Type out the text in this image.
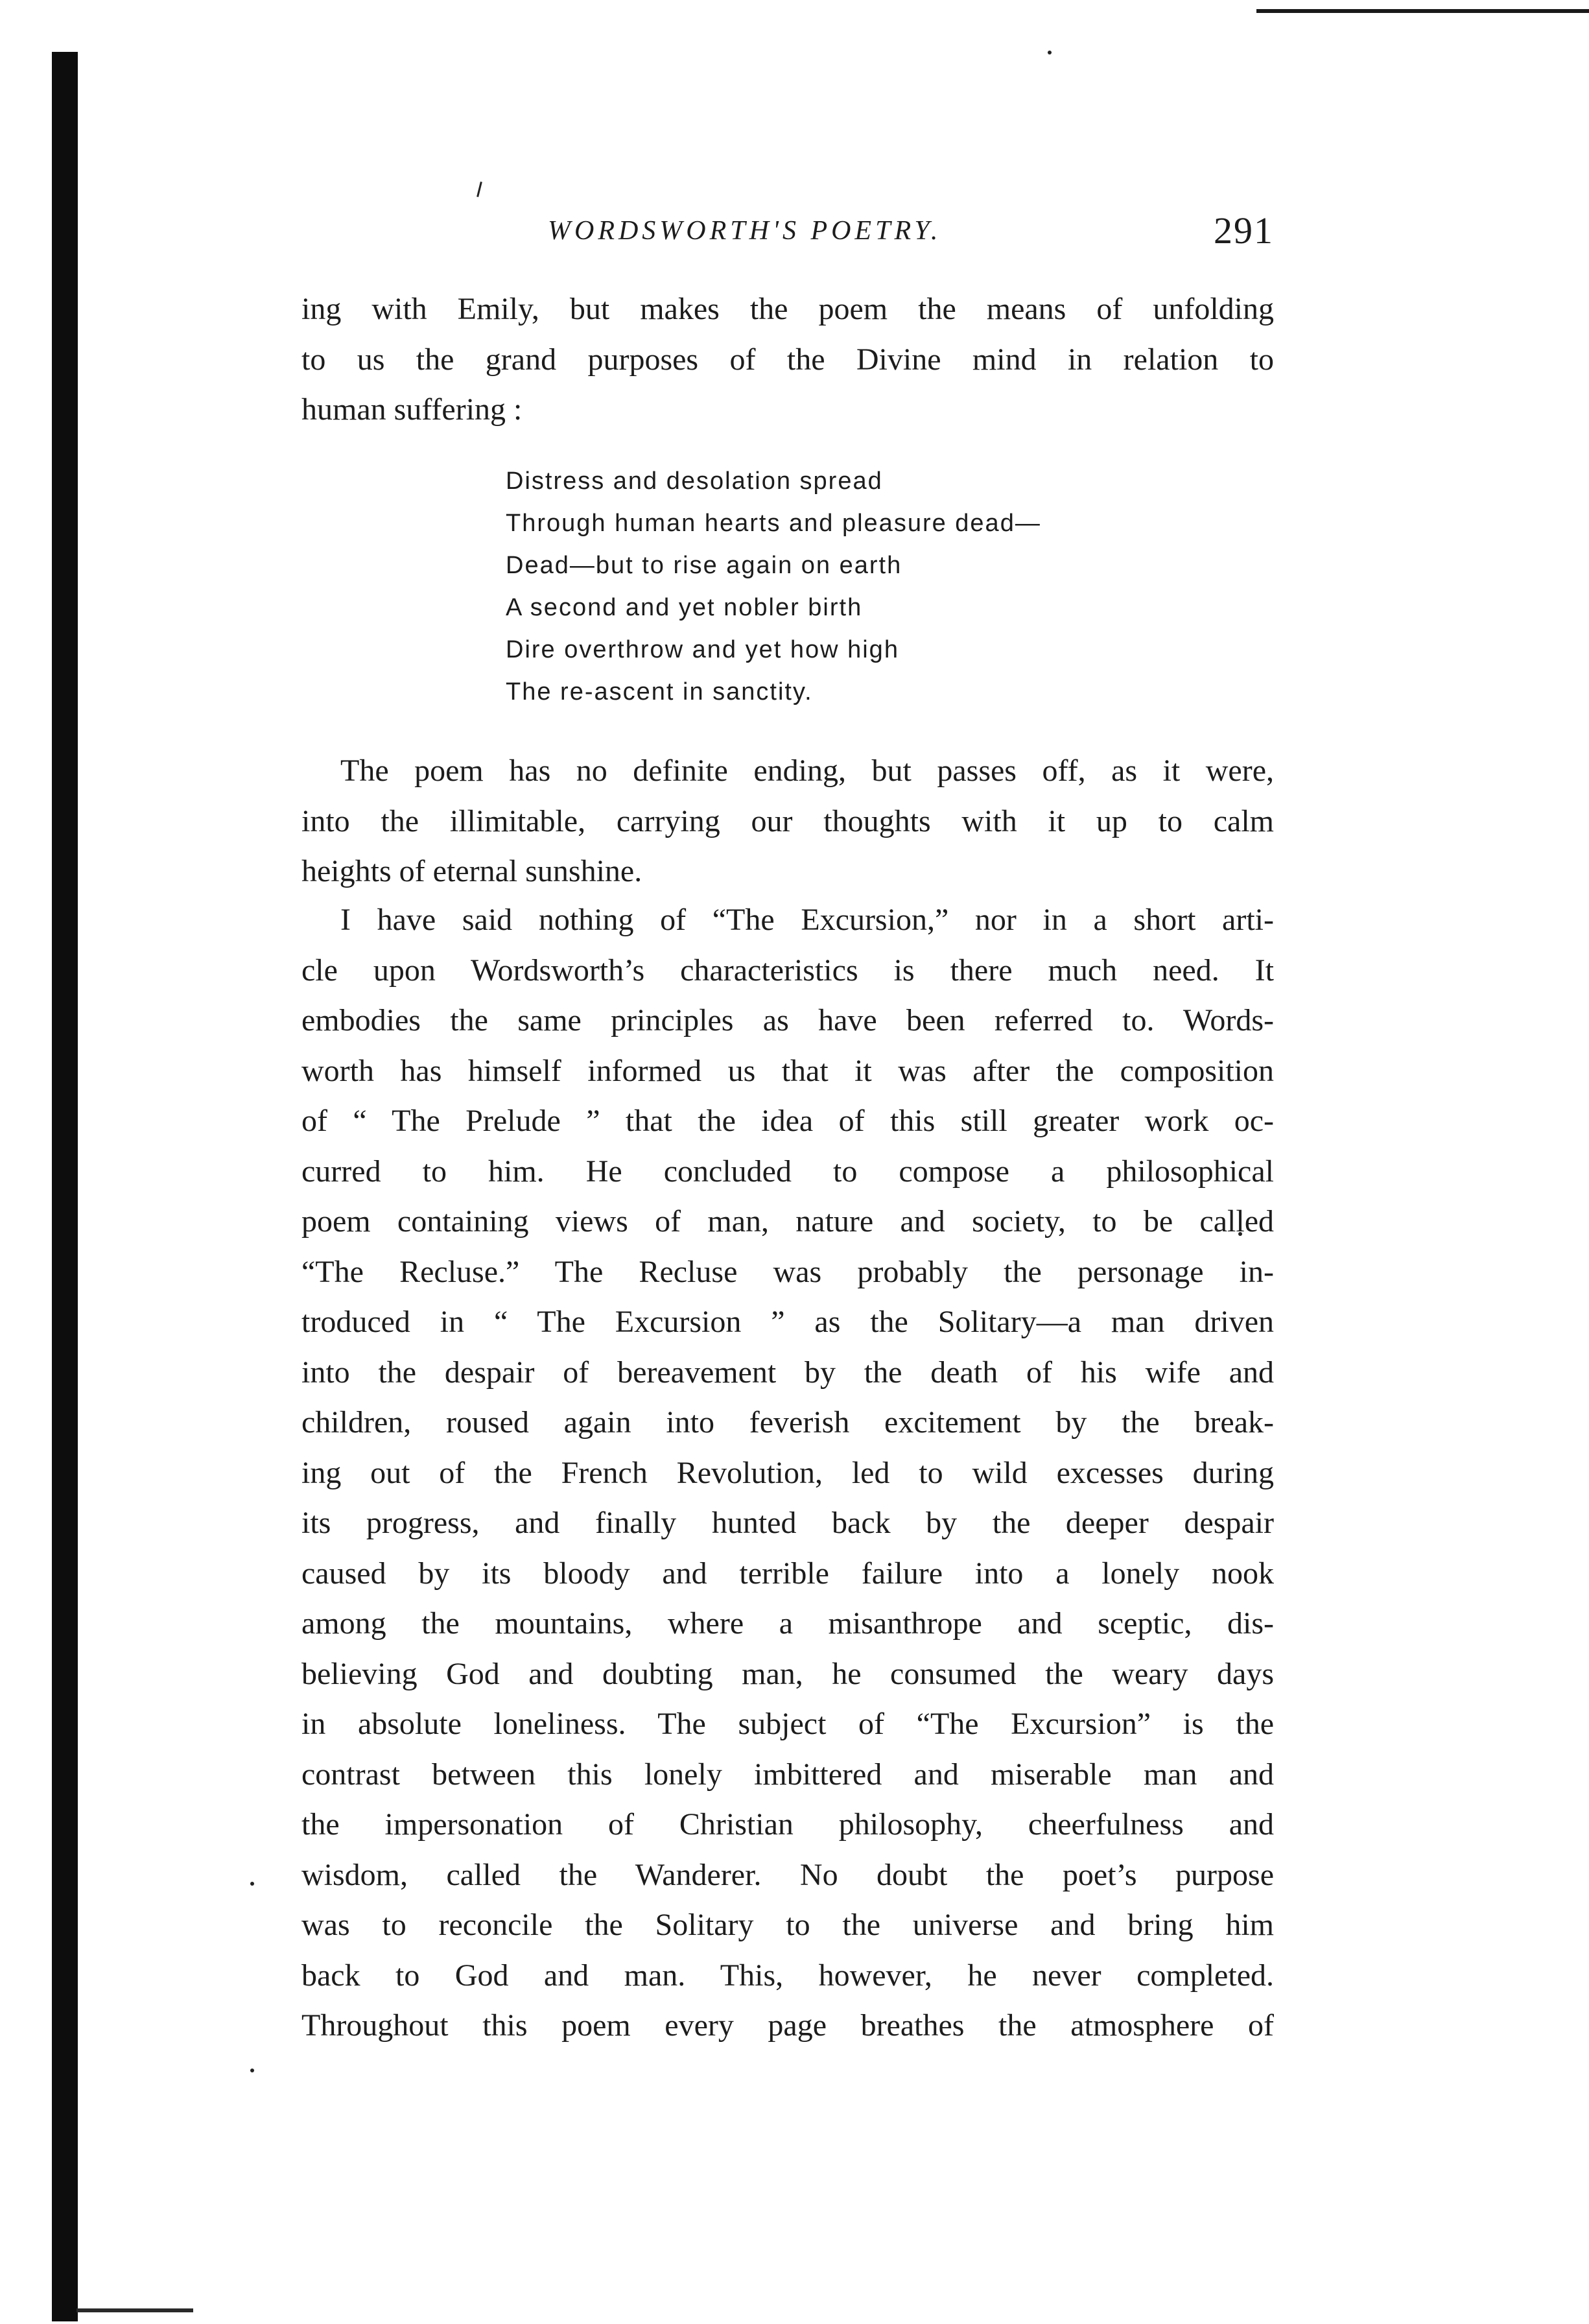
WORDSWORTH'S POETRY.	291
ing with Emily, but makes the poem the means of unfolding
to us the grand purposes of the Divine mind in relation to
human suffering :
Distress and desolation spread
Through human hearts and pleasure dead—
Dead—but to rise again on earth
A second and yet nobler birth
Dire overthrow and yet how high
The re-ascent in sanctity.
The poem has no definite ending, but passes off, as it were,
into the illimitable, carrying our thoughts with it up to calm
heights of eternal sunshine.
I have said nothing of “The Excursion,” nor in a short arti-
cle upon Wordsworth’s characteristics is there much need. It
embodies the same principles as have been referred to. Words-
worth has himself informed us that it was after the composition
of “ The Prelude ” that the idea of this still greater work oc-
curred to him. He concluded to compose a philosophical
poem containing views of man, nature and society, to be called
“The Recluse.” The Recluse was probably the personage in-
troduced in “ The Excursion ” as the Solitary—a man driven
into the despair of bereavement by the death of his wife and
children, roused again into feverish excitement by the break-
ing out of the French Revolution, led to wild excesses during
its progress, and finally hunted back by the deeper despair
caused by its bloody and terrible failure into a lonely nook
among the mountains, where a misanthrope and sceptic, dis-
believing God and doubting man, he consumed the weary days
in absolute loneliness. The subject of “The Excursion” is the
contrast between this lonely imbittered and miserable man and
the impersonation of Christian philosophy, cheerfulness and
wisdom, called the Wanderer. No doubt the poet’s purpose
was to reconcile the Solitary to the universe and bring him
back to God and man. This, however, he never completed.
Throughout this poem every page breathes the atmosphere of
